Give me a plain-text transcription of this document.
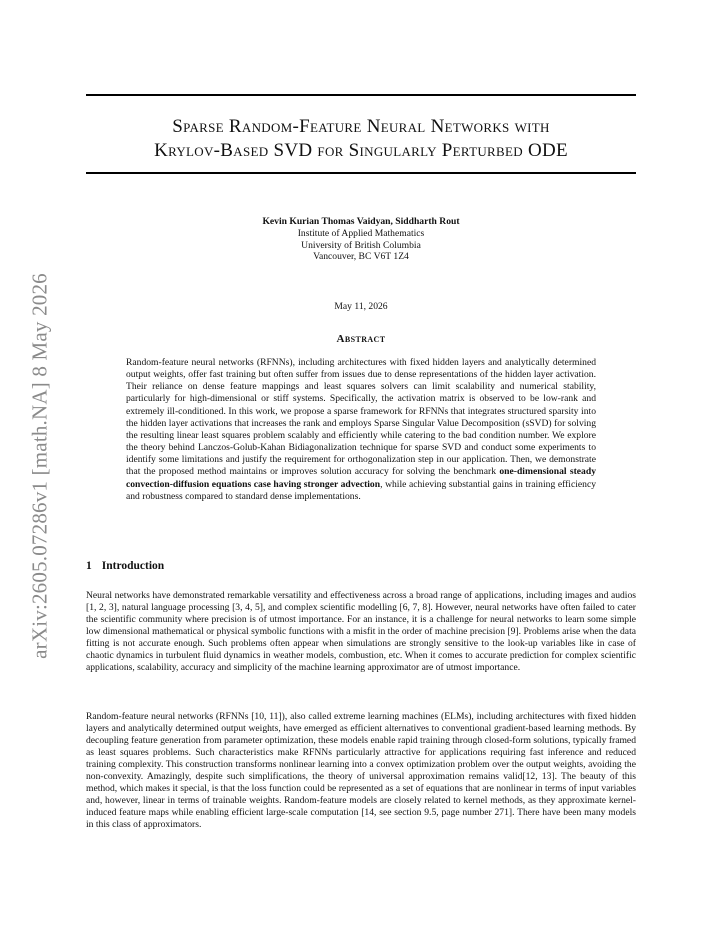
arXiv:2605.07286v1 [math.NA] 8 May 2026
Sparse Random-Feature Neural Networks with
Krylov-Based SVD for Singularly Perturbed ODE
Kevin Kurian Thomas Vaidyan, Siddharth Rout
Institute of Applied Mathematics
University of British Columbia
Vancouver, BC V6T 1Z4
May 11, 2026
Abstract
Random-feature neural networks (RFNNs), including architectures with fixed hidden layers and analytically determined output weights, offer fast training but often suffer from issues due to dense representations of the hidden layer activation. Their reliance on dense feature mappings and least squares solvers can limit scalability and numerical stability, particularly for high-dimensional or stiff systems. Specifically, the activation matrix is observed to be low-rank and extremely ill-conditioned. In this work, we propose a sparse framework for RFNNs that integrates structured sparsity into the hidden layer activations that increases the rank and employs Sparse Singular Value Decomposition (sSVD) for solving the resulting linear least squares problem scalably and efficiently while catering to the bad condition number. We explore the theory behind Lanczos-Golub-Kahan Bidiagonalization technique for sparse SVD and conduct some experiments to identify some limitations and justify the requirement for orthogonalization step in our application. Then, we demonstrate that the proposed method maintains or improves solution accuracy for solving the benchmark one-dimensional steady convection-diffusion equations case having stronger advection, while achieving substantial gains in training efficiency and robustness compared to standard dense implementations.
1 Introduction
Neural networks have demonstrated remarkable versatility and effectiveness across a broad range of applications, including images and audios [1, 2, 3], natural language processing [3, 4, 5], and complex scientific modelling [6, 7, 8]. However, neural networks have often failed to cater the scientific community where precision is of utmost importance. For an instance, it is a challenge for neural networks to learn some simple low dimensional mathematical or physical symbolic functions with a misfit in the order of machine precision [9]. Problems arise when the data fitting is not accurate enough. Such problems often appear when simulations are strongly sensitive to the look-up variables like in case of chaotic dynamics in turbulent fluid dynamics in weather models, combustion, etc. When it comes to accurate prediction for complex scientific applications, scalability, accuracy and simplicity of the machine learning approximator are of utmost importance.
Random-feature neural networks (RFNNs [10, 11]), also called extreme learning machines (ELMs), including architectures with fixed hidden layers and analytically determined output weights, have emerged as efficient alternatives to conventional gradient-based learning methods. By decoupling feature generation from parameter optimization, these models enable rapid training through closed-form solutions, typically framed as least squares problems. Such characteristics make RFNNs particularly attractive for applications requiring fast inference and reduced training complexity. This construction transforms nonlinear learning into a convex optimization problem over the output weights, avoiding the non-convexity. Amazingly, despite such simplifications, the theory of universal approximation remains valid[12, 13]. The beauty of this method, which makes it special, is that the loss function could be represented as a set of equations that are nonlinear in terms of input variables and, however, linear in terms of trainable weights. Random-feature models are closely related to kernel methods, as they approximate kernel-induced feature maps while enabling efficient large-scale computation [14, see section 9.5, page number 271]. There have been many models in this class of approximators.
